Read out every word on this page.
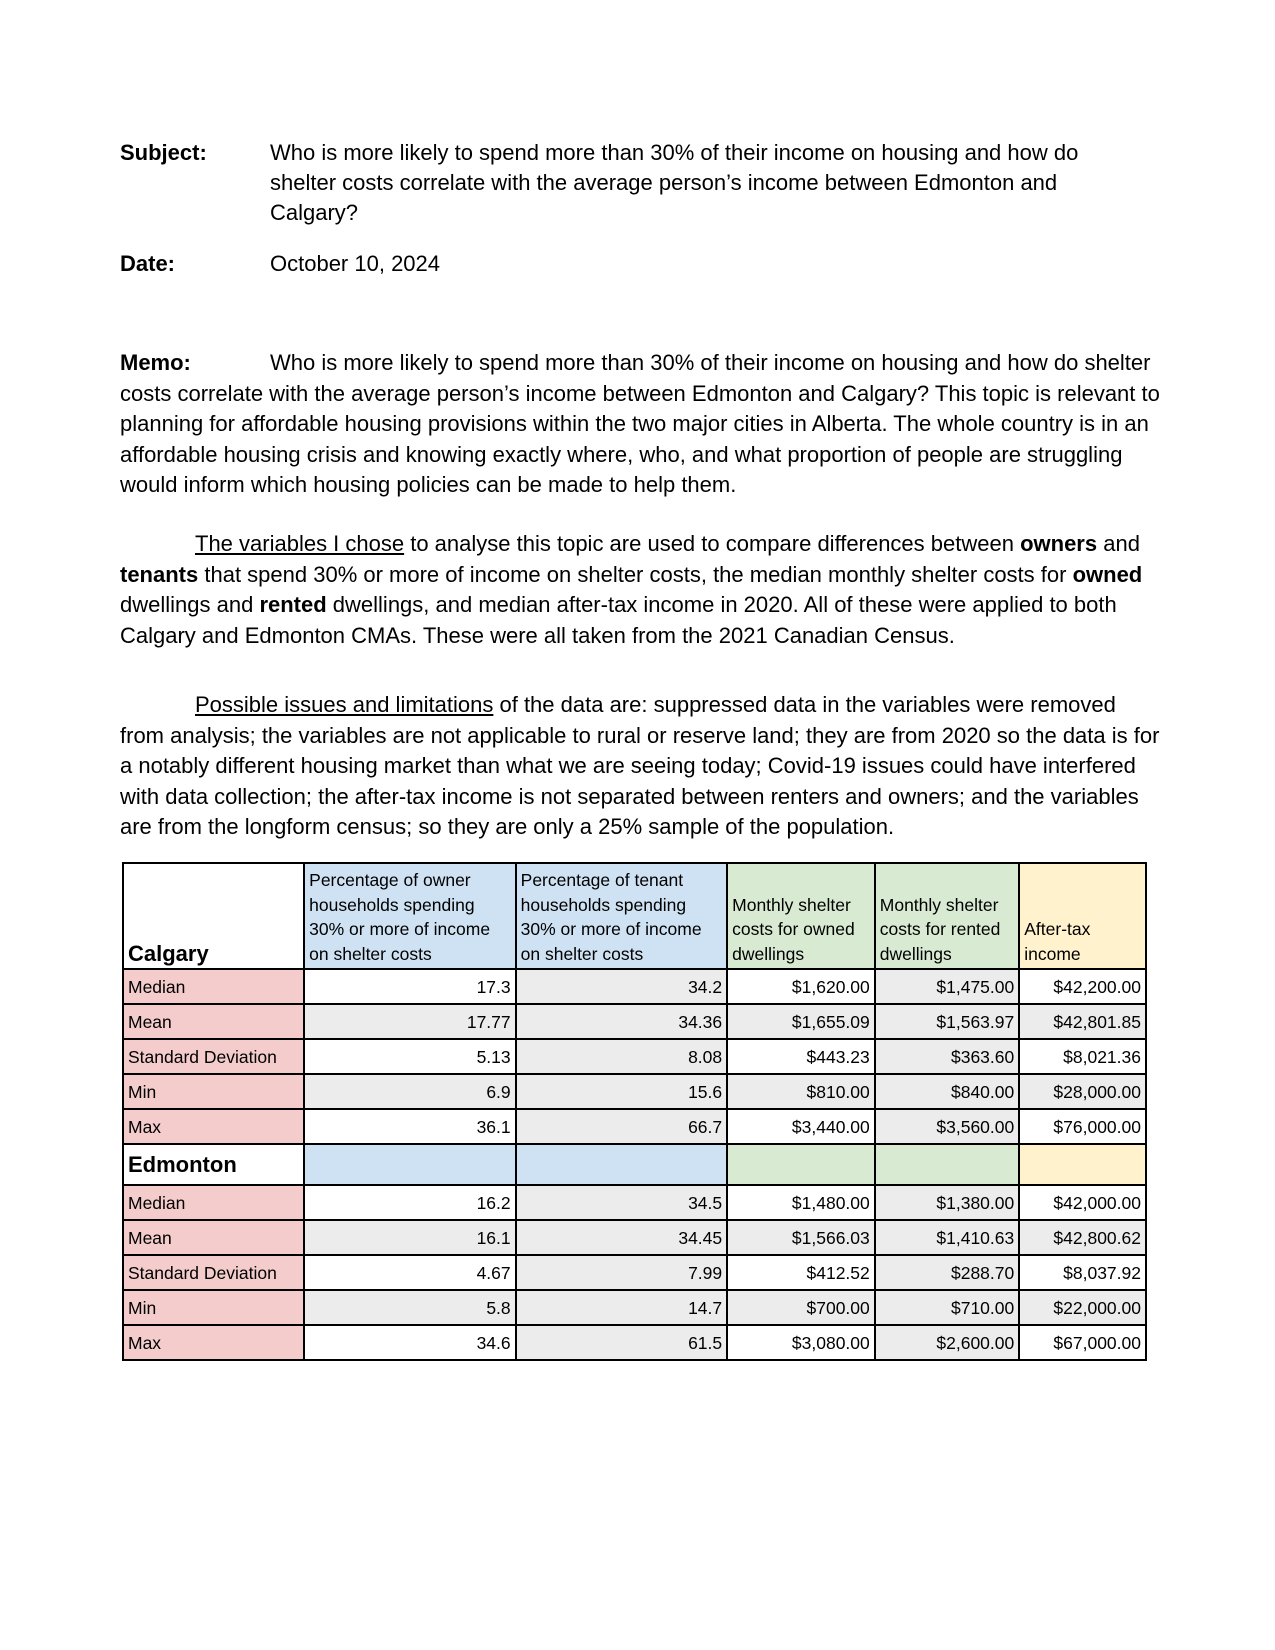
Subject:	Who is more likely to spend more than 30% of their income on housing and how do shelter costs correlate with the average person’s income between Edmonton and Calgary?
Date:	October 10, 2024

Memo:	Who is more likely to spend more than 30% of their income on housing and how do shelter costs correlate with the average person’s income between Edmonton and Calgary? This topic is relevant to planning for affordable housing provisions within the two major cities in Alberta. The whole country is in an affordable housing crisis and knowing exactly where, who, and what proportion of people are struggling would inform which housing policies can be made to help them.

The variables I chose to analyse this topic are used to compare differences between owners and tenants that spend 30% or more of income on shelter costs, the median monthly shelter costs for owned dwellings and rented dwellings, and median after-tax income in 2020. All of these were applied to both Calgary and Edmonton CMAs. These were all taken from the 2021 Canadian Census.

Possible issues and limitations of the data are: suppressed data in the variables were removed from analysis; the variables are not applicable to rural or reserve land; they are from 2020 so the data is for a notably different housing market than what we are seeing today; Covid-19 issues could have interfered with data collection; the after-tax income is not separated between renters and owners; and the variables are from the longform census; so they are only a 25% sample of the population.

Calgary	Percentage of owner households spending 30% or more of income on shelter costs	Percentage of tenant households spending 30% or more of income on shelter costs	Monthly shelter costs for owned dwellings	Monthly shelter costs for rented dwellings	After-tax income
Median	17.3	34.2	$1,620.00	$1,475.00	$42,200.00
Mean	17.77	34.36	$1,655.09	$1,563.97	$42,801.85
Standard Deviation	5.13	8.08	$443.23	$363.60	$8,021.36
Min	6.9	15.6	$810.00	$840.00	$28,000.00
Max	36.1	66.7	$3,440.00	$3,560.00	$76,000.00
Edmonton					
Median	16.2	34.5	$1,480.00	$1,380.00	$42,000.00
Mean	16.1	34.45	$1,566.03	$1,410.63	$42,800.62
Standard Deviation	4.67	7.99	$412.52	$288.70	$8,037.92
Min	5.8	14.7	$700.00	$710.00	$22,000.00
Max	34.6	61.5	$3,080.00	$2,600.00	$67,000.00
